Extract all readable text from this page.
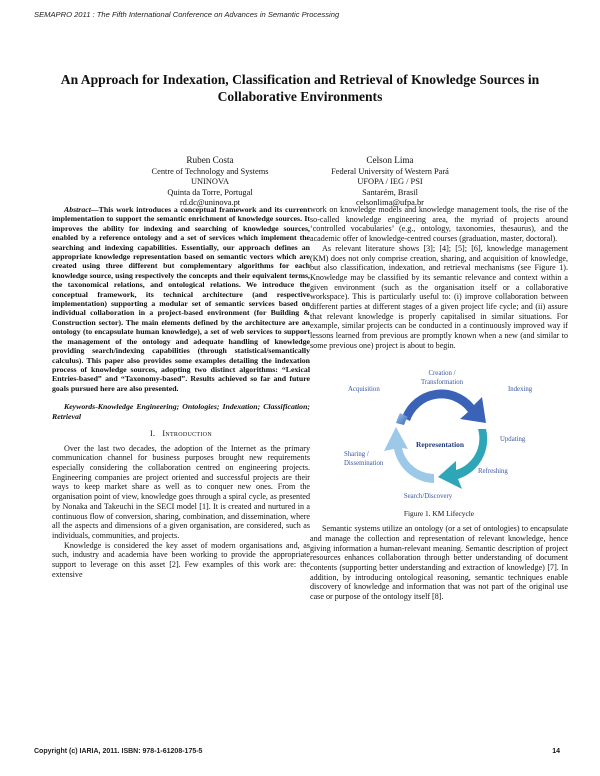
SEMAPRO 2011 : The Fifth International Conference on Advances in Semantic Processing
An Approach for Indexation, Classification and Retrieval of Knowledge Sources in Collaborative Environments
Ruben Costa
Centre of Technology and Systems
UNINOVA
Quinta da Torre, Portugal
rd.dc@uninova.pt
Celson Lima
Federal University of Western Pará
UFOPA / IEG / PSI
Santarém, Brasil
celsonlima@ufpa.br

Abstract—This work introduces a conceptual framework and its current implementation to support the semantic enrichment of knowledge sources. It improves the ability for indexing and searching of knowledge sources, enabled by a reference ontology and a set of services which implement the searching and indexing capabilities. Essentially, our approach defines an appropriate knowledge representation based on semantic vectors which are created using three different but complementary algorithms for each knowledge source, using respectively the concepts and their equivalent terms, the taxonomical relations, and ontological relations. We introduce the conceptual framework, its technical architecture (and respective implementation) supporting a modular set of semantic services based on individual collaboration in a project-based environment (for Building & Construction sector). The main elements defined by the architecture are an ontology (to encapsulate human knowledge), a set of web services to support the management of the ontology and adequate handling of knowledge providing search/indexing capabilities (through statistical/semantically calculus). This paper also provides some examples detailing the indexation process of knowledge sources, adopting two distinct algorithms: “Lexical Entries-based” and “Taxonomy-based”. Results achieved so far and future goals pursued here are also presented.

Keywords-Knowledge Engineering; Ontologies; Indexation; Classification; Retrieval

I. Introduction

Over the last two decades, the adoption of the Internet as the primary communication channel for business purposes brought new requirements especially considering the collaboration centred on engineering projects. Engineering companies are project oriented and successful projects are their ways to keep market share as well as to conquer new ones. From the organisation point of view, knowledge goes through a spiral cycle, as presented by Nonaka and Takeuchi in the SECI model [1]. It is created and nurtured in a continuous flow of conversion, sharing, combination, and dissemination, where all the aspects and dimensions of a given organisation, are considered, such as individuals, communities, and projects.

Knowledge is considered the key asset of modern organisations and, as such, industry and academia have been working to provide the appropriate support to leverage on this asset [2]. Few examples of this work are: the extensive

work on knowledge models and knowledge management tools, the rise of the so-called knowledge engineering area, the myriad of projects around ‘controlled vocabularies’ (e.g., ontology, taxonomies, thesaurus), and the academic offer of knowledge-centred courses (graduation, master, doctoral).

As relevant literature shows [3]; [4]; [5]; [6], knowledge management (KM) does not only comprise creation, sharing, and acquisition of knowledge, but also classification, indexation, and retrieval mechanisms (see Figure 1). Knowledge may be classified by its semantic relevance and context within a given environment (such as the organisation itself or a collaborative workspace). This is particularly useful to: (i) improve collaboration between different parties at different stages of a given project life cycle; and (ii) assure that relevant knowledge is properly capitalised in similar situations. For example, similar projects can be conducted in a continuously improved way if lessons learned from previous are promptly known when a new (and similar to some previous one) project is about to begin.

Representation
Creation /
Transformation
Indexing
Updating
Refreshing
Search/Discovery
Sharing /
Dissemination
Acquisition

Figure 1. KM Lifecycle

Semantic systems utilize an ontology (or a set of ontologies) to encapsulate and manage the collection and representation of relevant knowledge, hence giving information a human-relevant meaning. Semantic description of project resources enhances collaboration through better understanding of document contents (supporting better understanding and extraction of knowledge) [7]. In addition, by introducing ontological reasoning, semantic techniques enable discovery of knowledge and information that was not part of the original use case or purpose of the ontology itself [8].

Copyright (c) IARIA, 2011. ISBN: 978-1-61208-175-5	14
